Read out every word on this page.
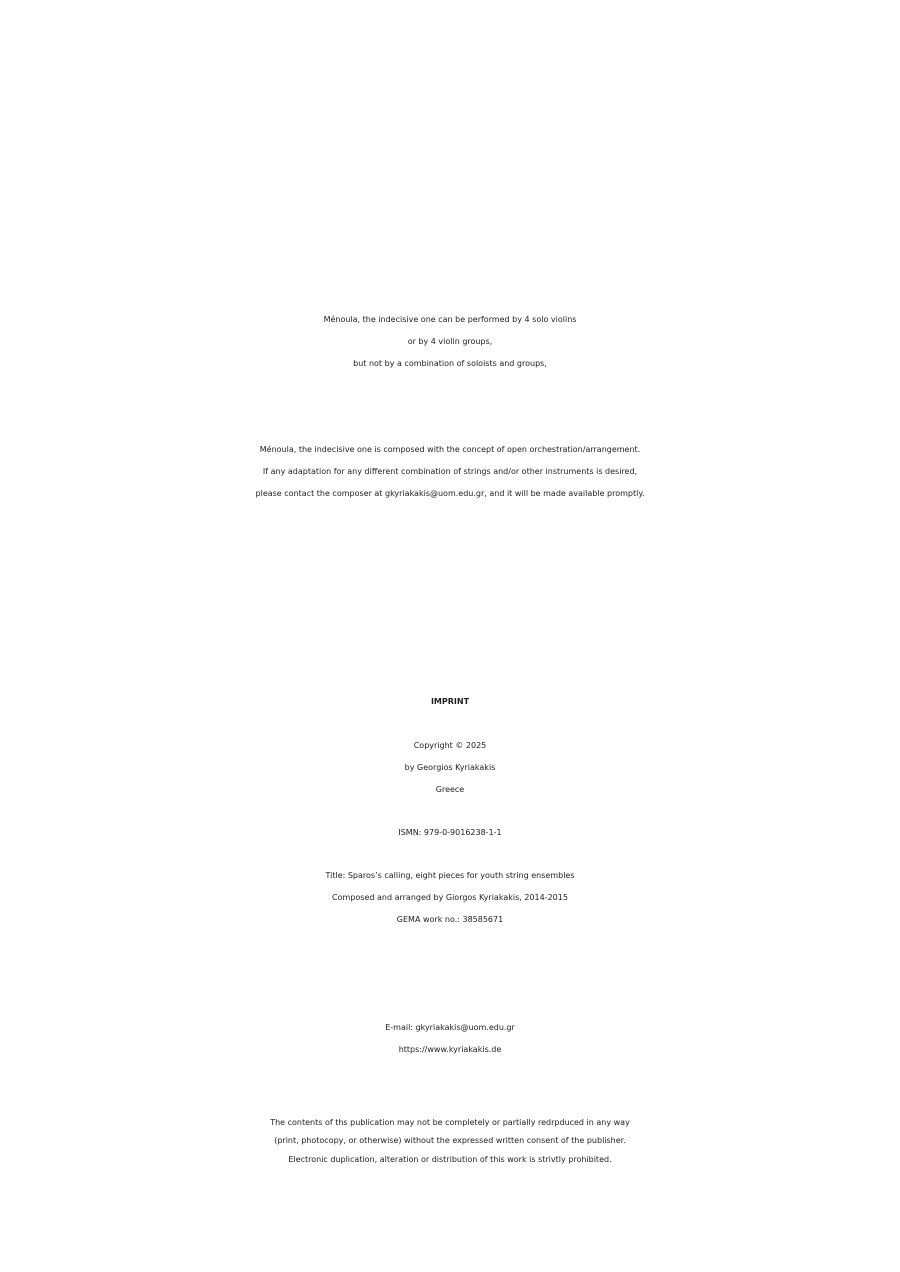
Ménoula, the indecisive one can be performed by 4 solo violins
or by 4 violin groups,
but not by a combination of soloists and groups,
Ménoula, the indecisive one is composed with the concept of open orchestration/arrangement.
If any adaptation for any different combination of strings and/or other instruments is desired,
please contact the composer at gkyriakakis@uom.edu.gr, and it will be made available promptly.
IMPRINT
Copyright © 2025
by Georgios Kyriakakis
Greece
ISMN: 979-0-9016238-1-1
Title: Sparos’s calling, eight pieces for youth string ensembles
Composed and arranged by Giorgos Kyriakakis, 2014-2015
GEMA work no.: 38585671
E-mail: gkyriakakis@uom.edu.gr
https://www.kyriakakis.de
The contents of ths publication may not be completely or partially redrpduced in any way
(print, photocopy, or otherwise) without the expressed written consent of the publisher.
Electronic duplication, alteration or distribution of this work is strivtly prohibited.
